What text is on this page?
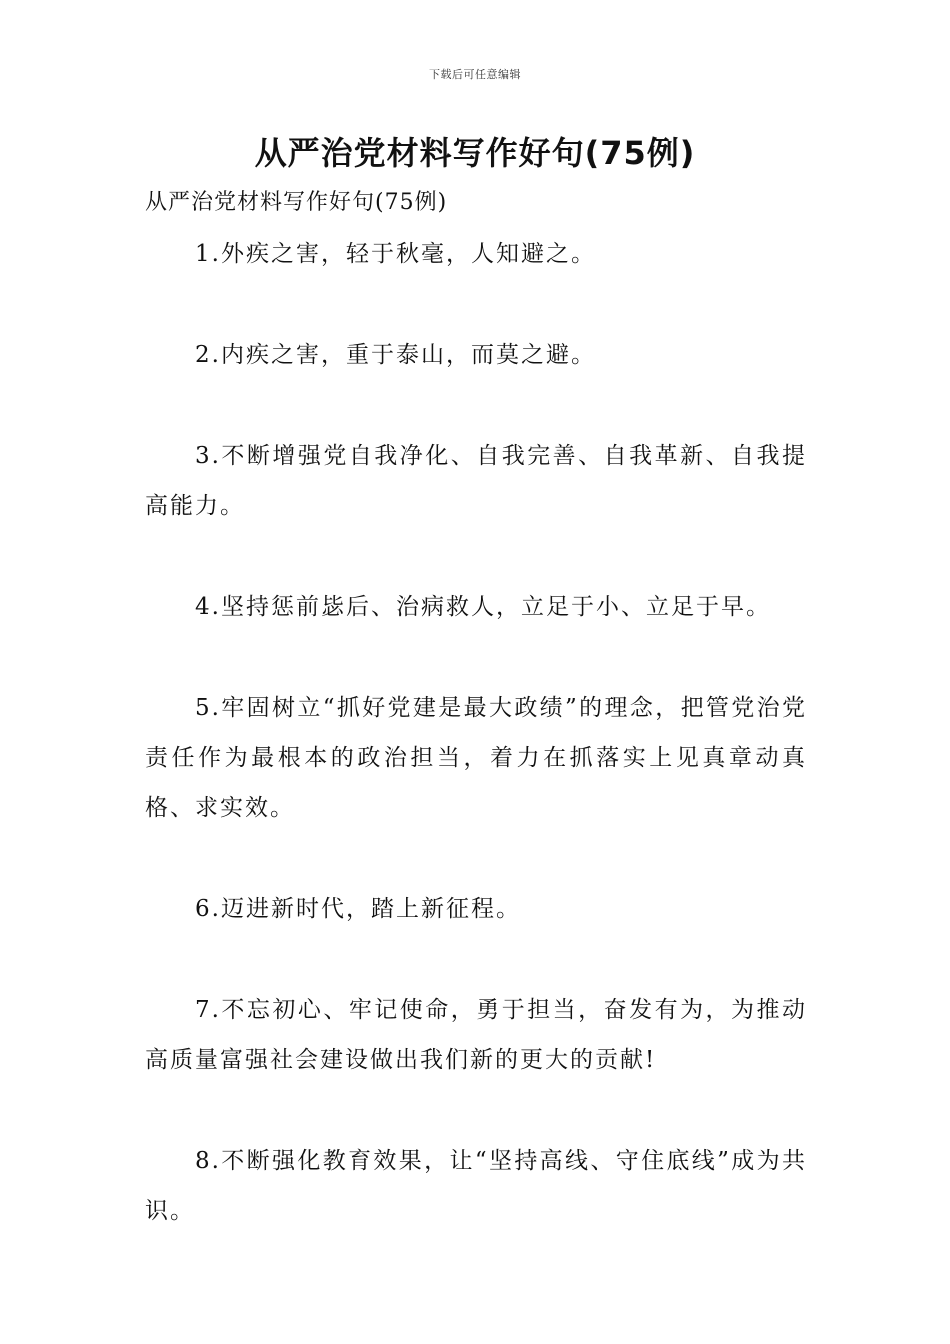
下载后可任意编辑
从严治党材料写作好句(75例)
从严治党材料写作好句(75例)

1.外疾之害，轻于秋毫，人知避之。

2.内疾之害，重于泰山，而莫之避。

3.不断增强党自我净化、自我完善、自我革新、自我提高能力。

4.坚持惩前毖后、治病救人，立足于小、立足于早。

5.牢固树立“抓好党建是最大政绩”的理念，把管党治党责任作为最根本的政治担当，着力在抓落实上见真章动真格、求实效。

6.迈进新时代，踏上新征程。

7.不忘初心、牢记使命，勇于担当，奋发有为，为推动高质量富强社会建设做出我们新的更大的贡献!

8.不断强化教育效果，让“坚持高线、守住底线”成为共识。
